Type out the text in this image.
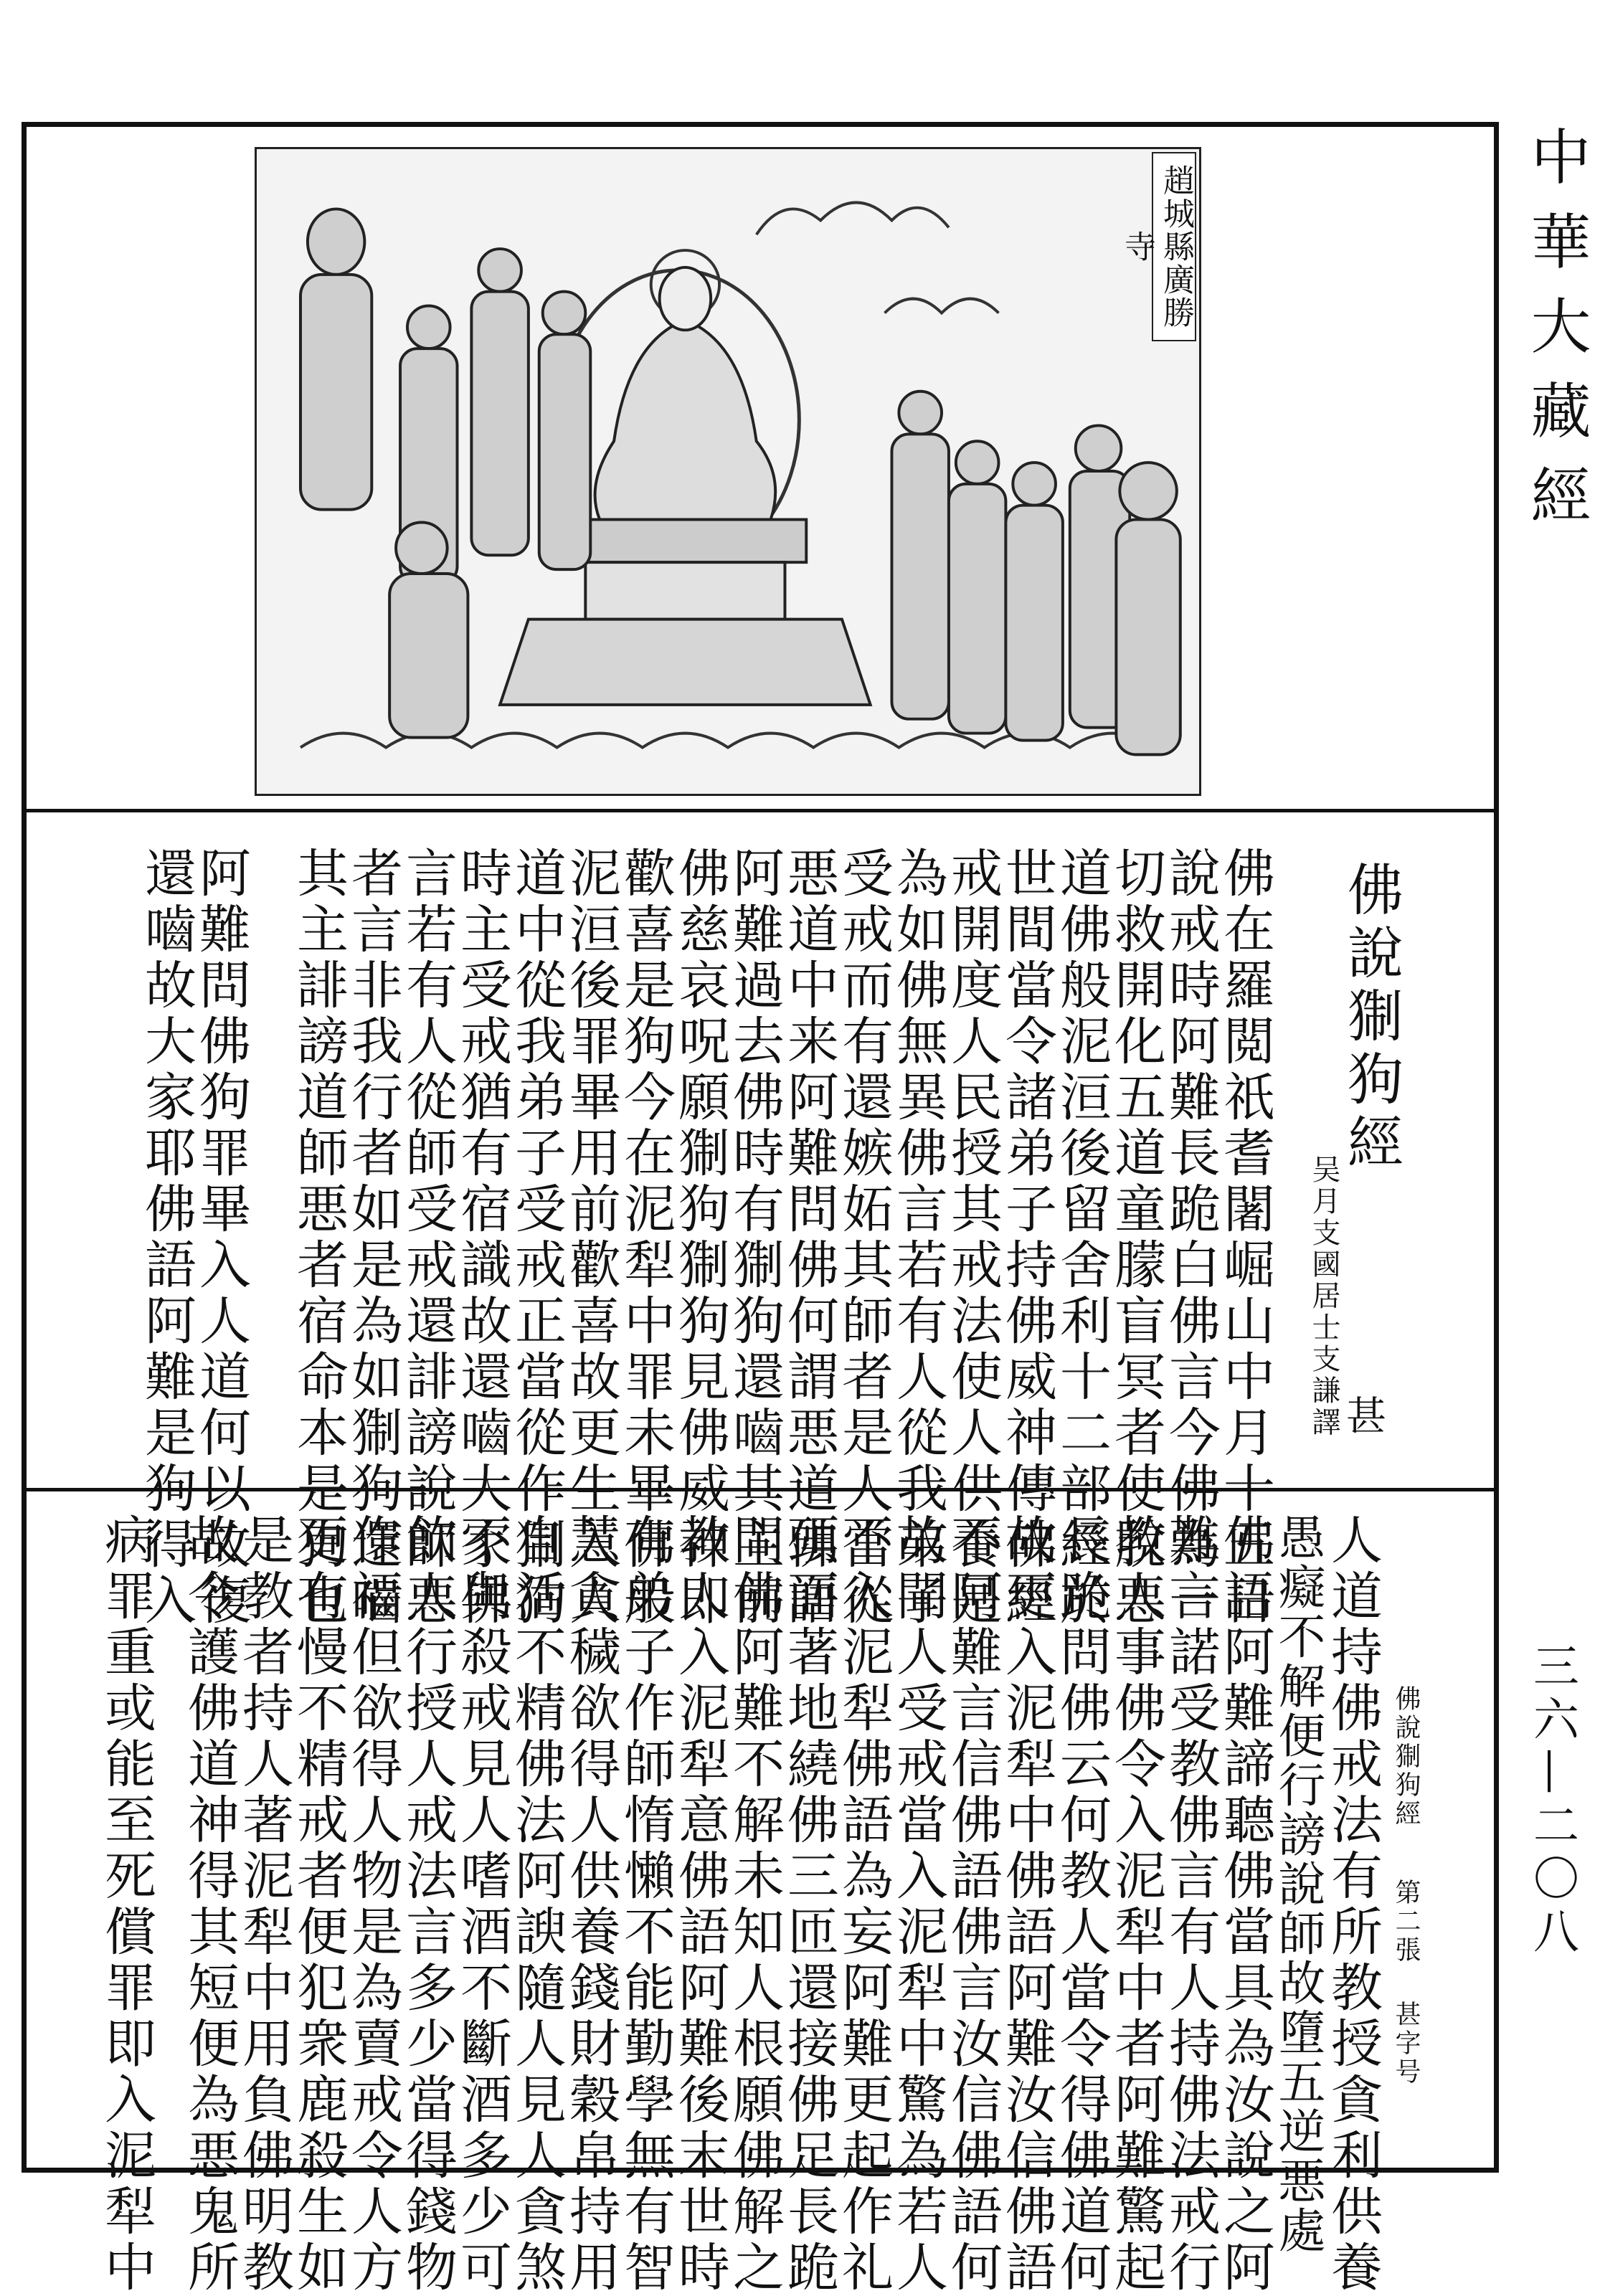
中華大藏經
三六—二〇八
趙城縣廣勝寺
佛說猘狗經
吴月支國居士支謙譯 甚
佛在羅閲祇耆闍崛山中月十五日
說戒時阿難長跪白佛言今佛為一
切救開化五道童朦盲冥者使脫悪
道佛般泥洹後留舍利十二部經於
世間當令諸弟子持佛威神傳佛經
戒開度人民授其戒法使人供養是
為如佛無異佛言若有人從我弟子
受戒而有還嫉妬其師者是人當從
悪道中来阿難問佛何謂悪道佛語
阿難過去佛時有猘狗還嚙其主前
佛慈哀呪願猘狗猘狗見佛威神即
歡喜是狗今在泥犁中罪未畢佛般
泥洹後罪畢用前歡喜故更生入人
道中從我弟子受戒正當從作猘狗
時主受戒猶有宿識故還嚙大家佛
言若有人從師受戒還誹謗說師悪
者言非我行者如是為如猘狗還嚙
其主誹謗道師悪者宿命本是狗也
阿難問佛狗罪畢入人道何以故復
還嚙故大家耶佛語阿難是狗得入
佛說猘狗經
第二張
甚字号
人道持佛戒法有所教授貪利供養
愚癡不解便行謗說師故墮五逆悪處
佛語阿難諦聽佛當具為汝說之阿
難言諾受教佛言有人持佛法戒行
教人事佛令入泥犁中者阿難驚起
長跪問佛云何教人當令得佛道何
故更入泥犁中佛語阿難汝信佛語
不阿難言信佛語佛言汝信佛語何
故聞人受戒當入泥犁中驚為若人
不入泥犁佛語為妄阿難更起作礼
頭面著地繞佛三匝還接佛足長跪
問佛阿難不解未知人根願佛解之
教人入泥犁意佛語阿難後末世時
有弟子作師惰懶不能勤學無有智
慧貪穢欲得人供養錢財穀帛持用
自活不精佛法阿諛隨人見人貪煞
不與殺戒見人嗜酒不斷酒多少可
飲人行授人戒法言多少當得錢物
作福但欲得人物是為賣戒令人方
更有慢不精戒者便犯衆鹿殺生如
是教者持人著泥犁中用負佛明教
故令護佛道神得其短便為悪鬼所
病罪重或能至死償罪即入泥犁中
